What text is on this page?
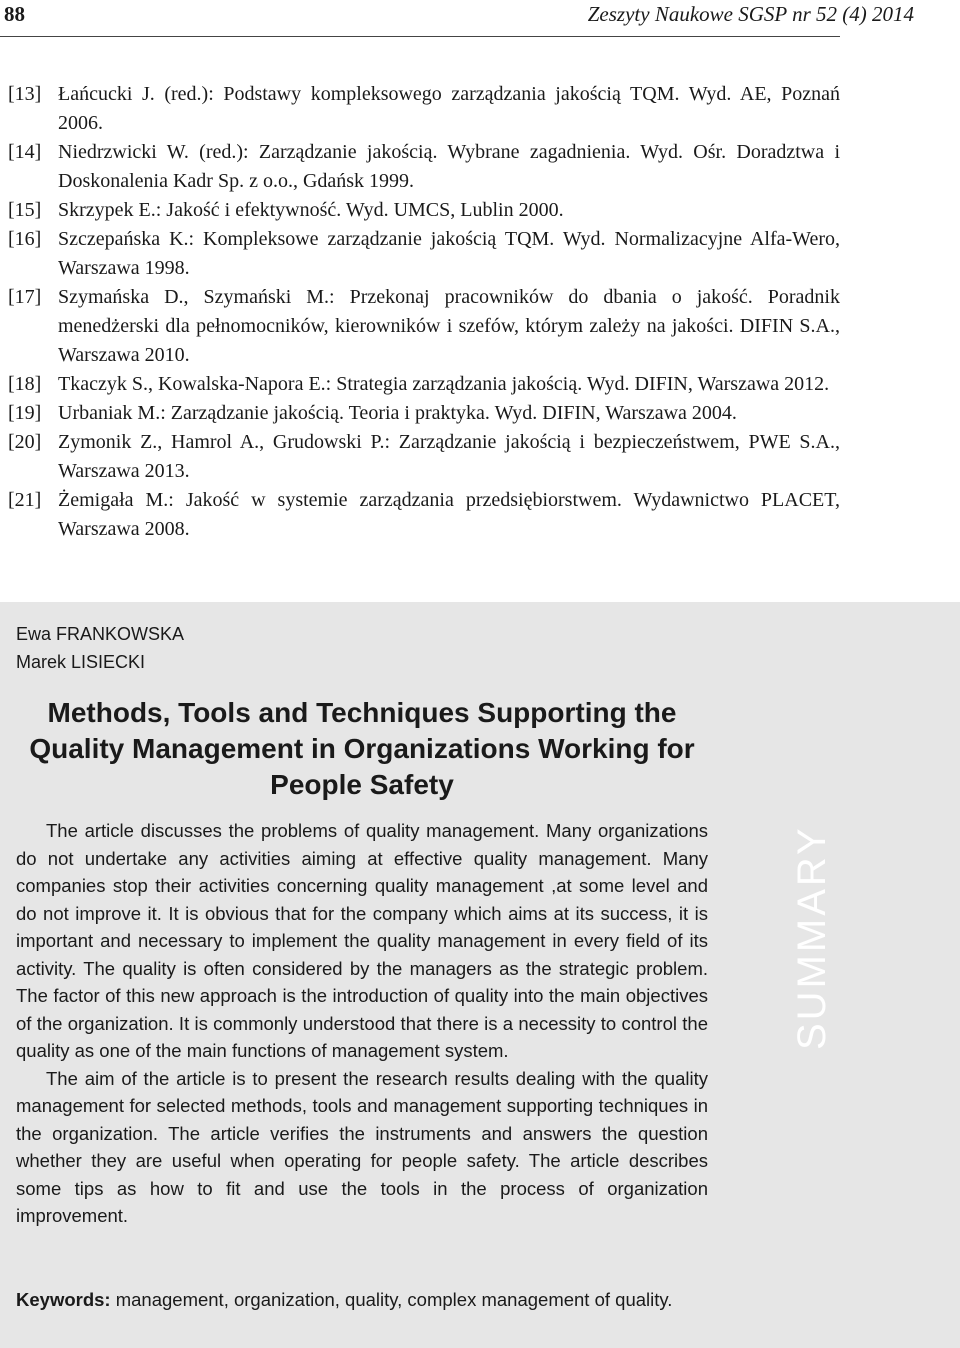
88	Zeszyty Naukowe SGSP nr 52 (4) 2014
[13] Łańcucki J. (red.): Podstawy kompleksowego zarządzania jakością TQM. Wyd. AE, Poznań 2006.
[14] Niedrzwicki W. (red.): Zarządzanie jakością. Wybrane zagadnienia. Wyd. Ośr. Doradztwa i Doskonalenia Kadr Sp. z o.o., Gdańsk 1999.
[15] Skrzypek E.: Jakość i efektywność. Wyd. UMCS, Lublin 2000.
[16] Szczepańska K.: Kompleksowe zarządzanie jakością TQM. Wyd. Normalizacyjne Alfa-Wero, Warszawa 1998.
[17] Szymańska D., Szymański M.: Przekonaj pracowników do dbania o jakość. Poradnik menedżerski dla pełnomocników, kierowników i szefów, którym zależy na jakości. DIFIN S.A., Warszawa 2010.
[18] Tkaczyk S., Kowalska-Napora E.: Strategia zarządzania jakością. Wyd. DIFIN, Warszawa 2012.
[19] Urbaniak M.: Zarządzanie jakością. Teoria i praktyka. Wyd. DIFIN, Warszawa 2004.
[20] Zymonik Z., Hamrol A., Grudowski P.: Zarządzanie jakością i bezpieczeństwem, PWE S.A., Warszawa 2013.
[21] Żemigała M.: Jakość w systemie zarządzania przedsiębiorstwem. Wydawnictwo PLACET, Warszawa 2008.
Ewa FRANKOWSKA
Marek LISIECKI
Methods, Tools and Techniques Supporting the Quality Management in Organizations Working for People Safety

The article discusses the problems of quality management. Many organizations do not undertake any activities aiming at effective quality management. Many companies stop their activities concerning quality management ,at some level and do not improve it. It is obvious that for the company which aims at its success, it is important and necessary to implement the quality management in every field of its activity. The quality is often considered by the managers as the strategic problem. The factor of this new approach is the introduction of quality into the main objectives of the organization. It is commonly understood that there is a necessity to control the quality as one of the main functions of management system.

The aim of the article is to present the research results dealing with the quality management for selected methods, tools and management supporting techniques in the organization. The article verifies the instruments and answers the question whether they are useful when operating for people safety. The article describes some tips as how to fit and use the tools in the process of organization improvement.

Keywords: management, organization, quality, complex management of quality.
SUMMARY
